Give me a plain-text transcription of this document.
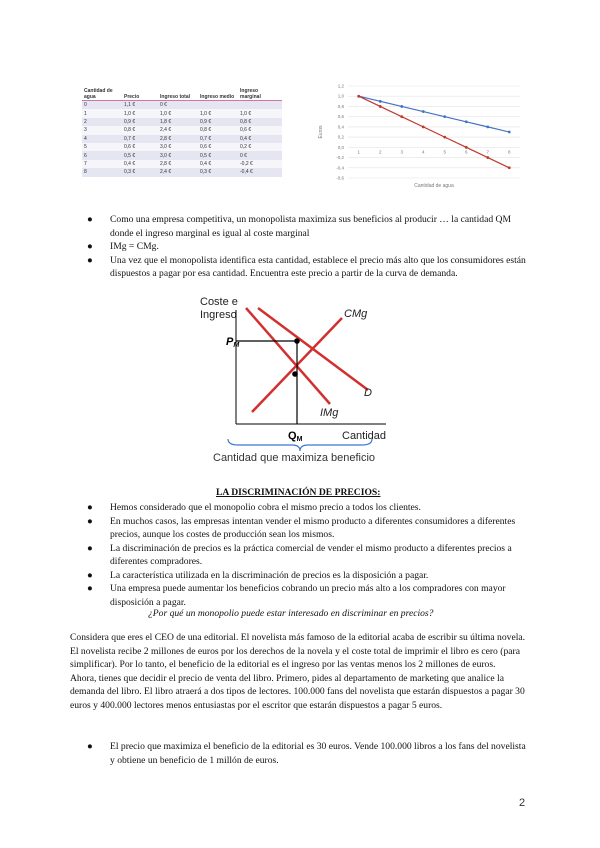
Cantidad de agua	Precio	Ingreso total	Ingreso medio	Ingreso marginal
0	1,1 €	0 €		
1	1,0 €	1,0 €	1,0 €	1,0 €
2	0,9 €	1,8 €	0,9 €	0,8 €
3	0,8 €	2,4 €	0,8 €	0,6 €
4	0,7 €	2,8 €	0,7 €	0,4 €
5	0,6 €	3,0 €	0,6 €	0,2 €
6	0,5 €	3,0 €	0,5 €	0 €
7	0,4 €	2,8 €	0,4 €	-0,2 €
8	0,3 €	2,4 €	0,3 €	-0,4 €
1,2
1,0
0,8
0,6
0,4
0,2
0,0
-0,2
-0,4
-0,6
1	2	3	4	5	6	7	8
Cantidad de agua
Euros
● Como una empresa competitiva, un monopolista maximiza sus beneficios al producir … la cantidad QM donde el ingreso marginal es igual al coste marginal
● IMg = CMg.
● Una vez que el monopolista identifica esta cantidad, establece el precio más alto que los consumidores están dispuestos a pagar por esa cantidad. Encuentra este precio a partir de la curva de demanda.
Coste e
Ingreso
PM
QM
CMg
IMg
D
Cantidad
Cantidad que maximiza beneficio
LA DISCRIMINACIÓN DE PRECIOS:
● Hemos considerado que el monopolio cobra el mismo precio a todos los clientes.
● En muchos casos, las empresas intentan vender el mismo producto a diferentes consumidores a diferentes precios, aunque los costes de producción sean los mismos.
● La discriminación de precios es la práctica comercial de vender el mismo producto a diferentes precios a diferentes compradores.
● La característica utilizada en la discriminación de precios es la disposición a pagar.
● Una empresa puede aumentar los beneficios cobrando un precio más alto a los compradores con mayor disposición a pagar.
¿Por qué un monopolio puede estar interesado en discriminar en precios?

Considera que eres el CEO de una editorial. El novelista más famoso de la editorial acaba de escribir su última novela. El novelista recibe 2 millones de euros por los derechos de la novela y el coste total de imprimir el libro es cero (para simplificar). Por lo tanto, el beneficio de la editorial es el ingreso por las ventas menos los 2 millones de euros.

Ahora, tienes que decidir el precio de venta del libro. Primero, pides al departamento de marketing que analice la demanda del libro. El libro atraerá a dos tipos de lectores. 100.000 fans del novelista que estarán dispuestos a pagar 30 euros y 400.000 lectores menos entusiastas por el escritor que estarán dispuestos a pagar 5 euros.

● El precio que maximiza el beneficio de la editorial es 30 euros. Vende 100.000 libros a los fans del novelista y obtiene un beneficio de 1 millón de euros.
2
